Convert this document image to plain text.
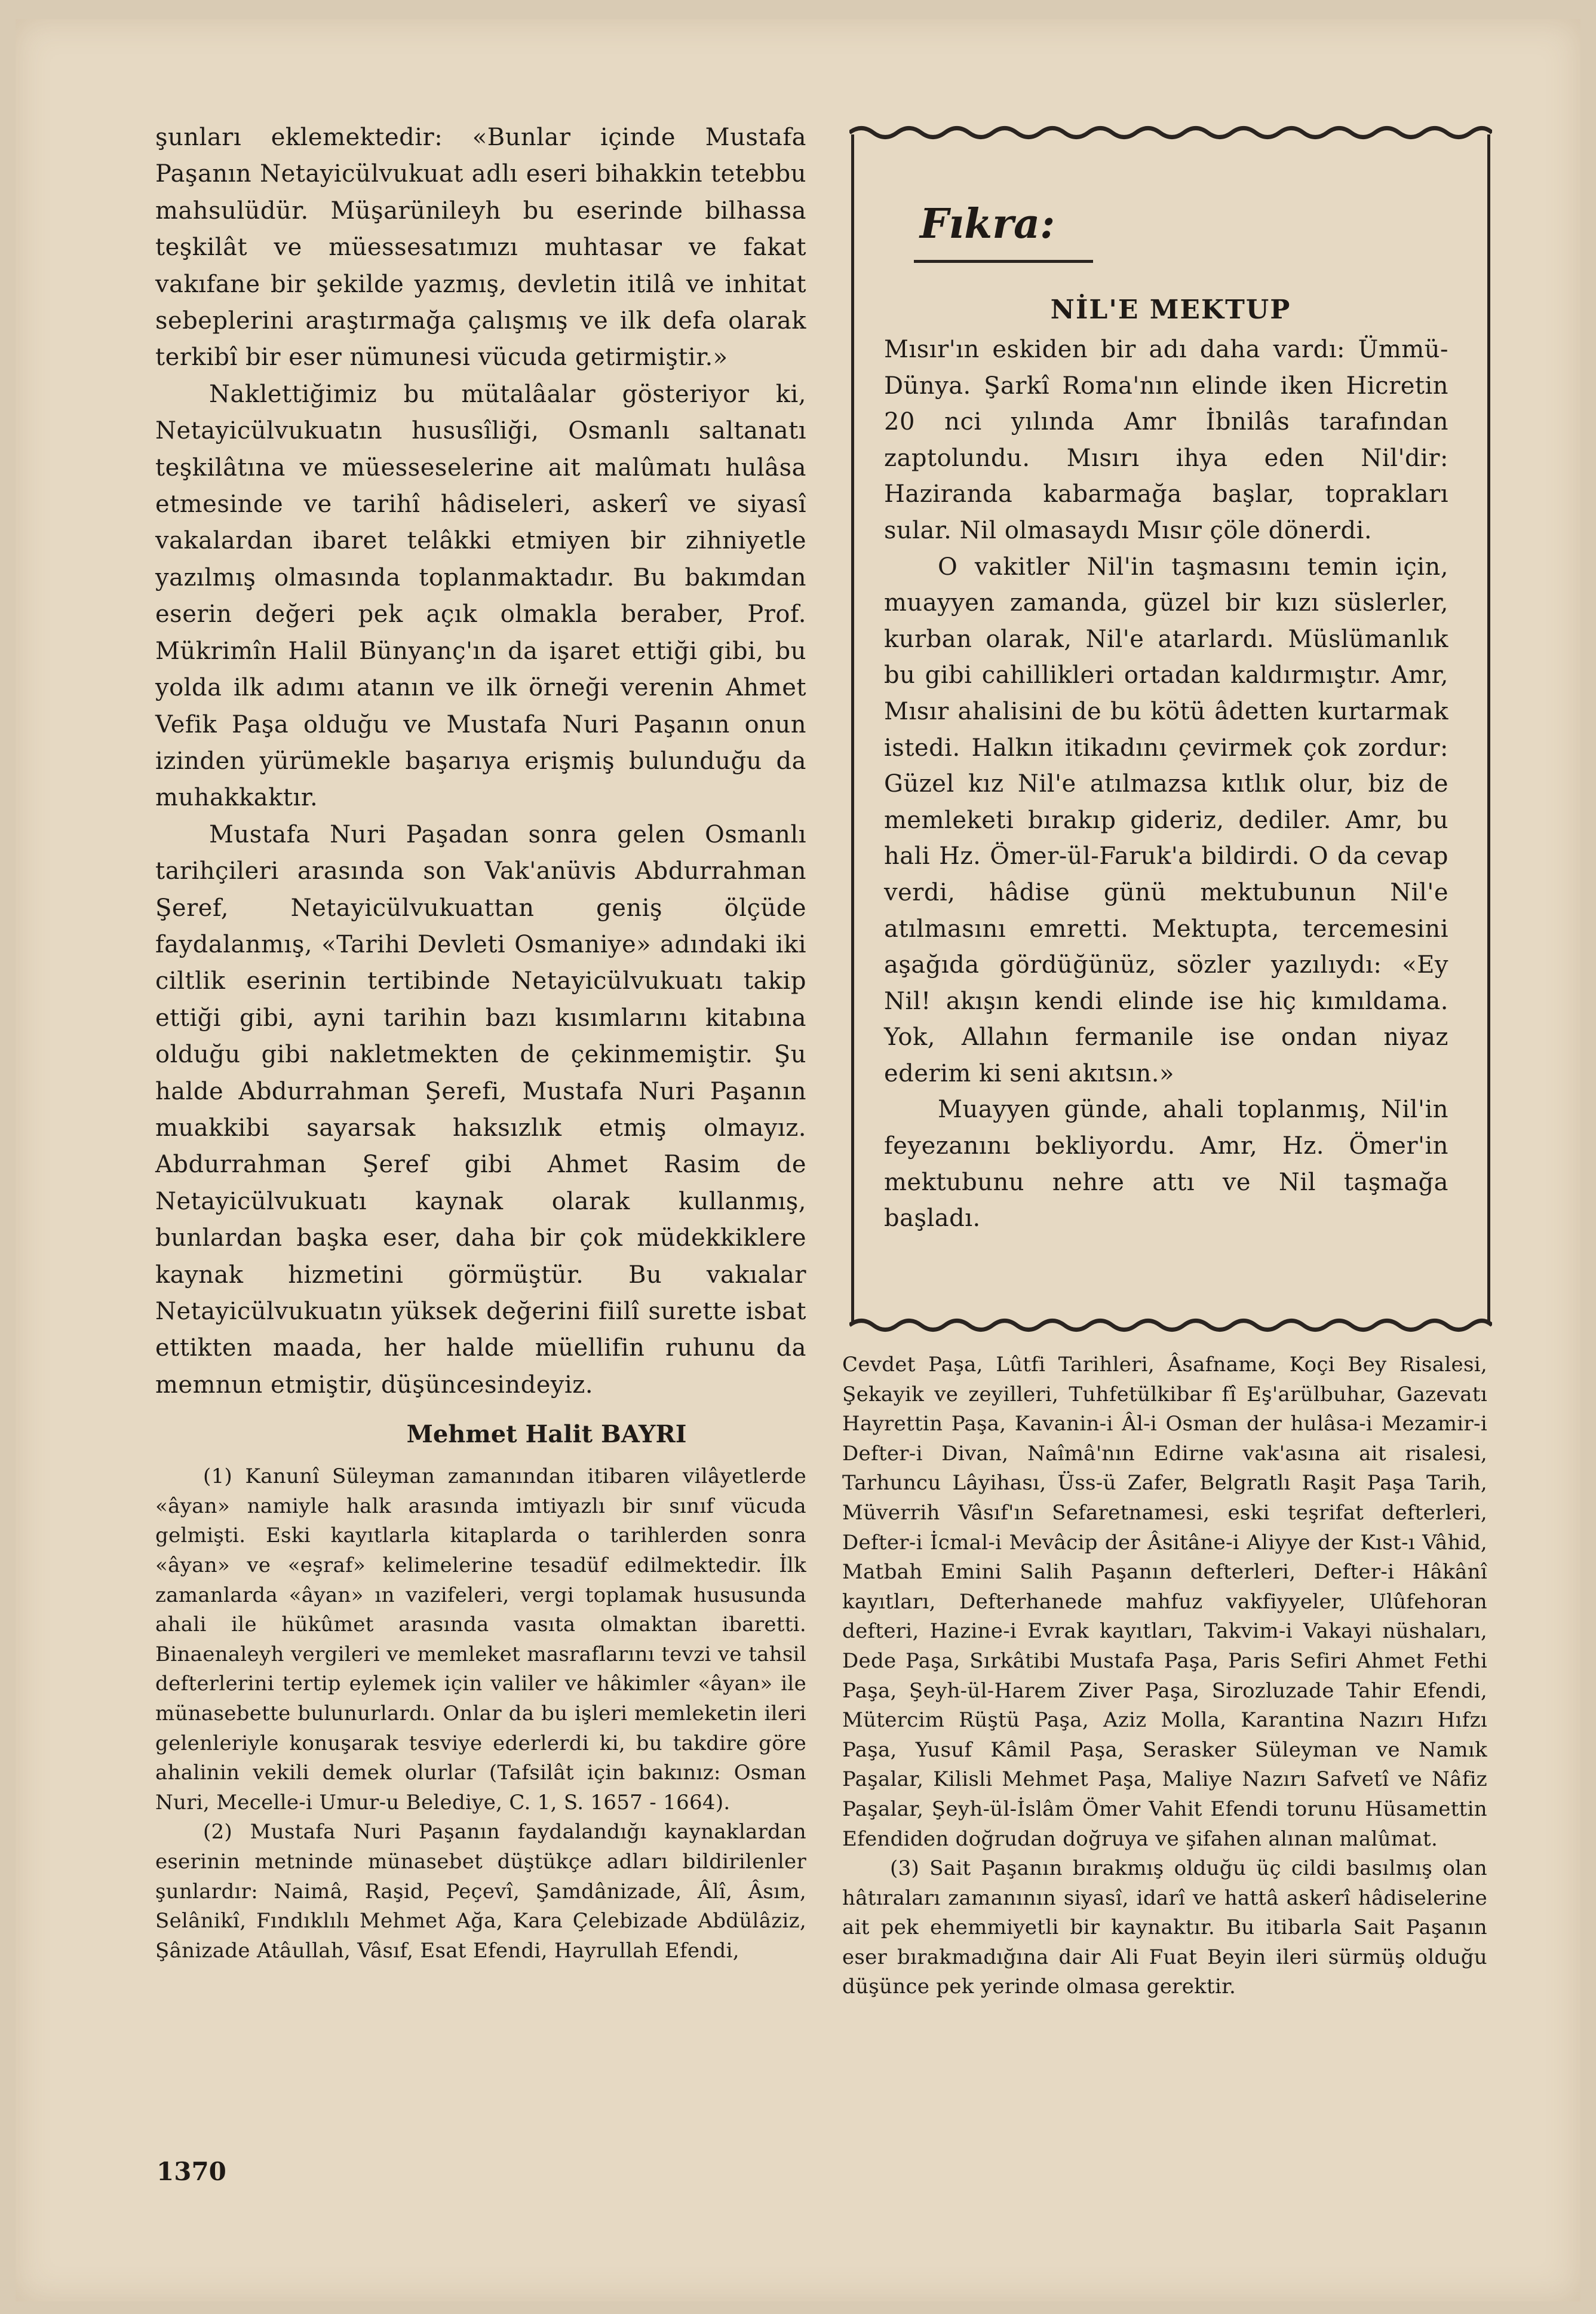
şunları eklemektedir: «Bunlar içinde Mustafa Paşanın Netayicülvukuat adlı eseri bihakkin tetebbu mahsulüdür. Müşarünileyh bu eserinde bilhassa teşkilât ve müessesatımızı muhtasar ve fakat vakıfane bir şekilde yazmış, devletin itilâ ve inhitat sebeplerini araştırmağa çalışmış ve ilk defa olarak terkibî bir eser nümunesi vücuda getirmiştir.»

Naklettiğimiz bu mütalâalar gösteriyor ki, Netayicülvukuatın hususîliği, Osmanlı saltanatı teşkilâtına ve müesseselerine ait malûmatı hulâsa etmesinde ve tarihî hâdiseleri, askerî ve siyasî vakalardan ibaret telâkki etmiyen bir zihniyetle yazılmış olmasında toplanmaktadır. Bu bakımdan eserin değeri pek açık olmakla beraber, Prof. Mükrimîn Halil Bünyanç'ın da işaret ettiği gibi, bu yolda ilk adımı atanın ve ilk örneği verenin Ahmet Vefik Paşa olduğu ve Mustafa Nuri Paşanın onun izinden yürümekle başarıya erişmiş bulunduğu da muhakkaktır.

Mustafa Nuri Paşadan sonra gelen Osmanlı tarihçileri arasında son Vak'anüvis Abdurrahman Şeref, Netayicülvukuattan geniş ölçüde faydalanmış, «Tarihi Devleti Osmaniye» adındaki iki ciltlik eserinin tertibinde Netayicülvukuatı takip ettiği gibi, ayni tarihin bazı kısımlarını kitabına olduğu gibi nakletmekten de çekinmemiştir. Şu halde Abdurrahman Şerefi, Mustafa Nuri Paşanın muakkibi sayarsak haksızlık etmiş olmayız. Abdurrahman Şeref gibi Ahmet Rasim de Netayicülvukuatı kaynak olarak kullanmış, bunlardan başka eser, daha bir çok müdekkiklere kaynak hizmetini görmüştür. Bu vakıalar Netayicülvukuatın yüksek değerini fiilî surette isbat ettikten maada, her halde müellifin ruhunu da memnun etmiştir, düşüncesindeyiz.

Mehmet Halit BAYRI

(1) Kanunî Süleyman zamanından itibaren vilâyetlerde «âyan» namiyle halk arasında imtiyazlı bir sınıf vücuda gelmişti. Eski kayıtlarla kitaplarda o tarihlerden sonra «âyan» ve «eşraf» kelimelerine tesadüf edilmektedir. İlk zamanlarda «âyan» ın vazifeleri, vergi toplamak hususunda ahali ile hükûmet arasında vasıta olmaktan ibaretti. Binaenaleyh vergileri ve memleket masraflarını tevzi ve tahsil defterlerini tertip eylemek için valiler ve hâkimler «âyan» ile münasebette bulunurlardı. Onlar da bu işleri memleketin ileri gelenleriyle konuşarak tesviye ederlerdi ki, bu takdire göre ahalinin vekili demek olurlar (Tafsilât için bakınız: Osman Nuri, Mecelle-i Umur-u Belediye, C. 1, S. 1657 - 1664).

(2) Mustafa Nuri Paşanın faydalandığı kaynaklardan eserinin metninde münasebet düştükçe adları bildirilenler şunlardır: Naimâ, Raşid, Peçevî, Şamdânizade, Âlî, Âsım, Selânikî, Fındıklılı Mehmet Ağa, Kara Çelebizade Abdülâziz, Şânizade Atâullah, Vâsıf, Esat Efendi, Hayrullah Efendi,

1370
Fıkra:
NİL'E MEKTUP

Mısır'ın eskiden bir adı daha vardı: Ümmü-Dünya. Şarkî Roma'nın elinde iken Hicretin 20 nci yılında Amr İbnilâs tarafından zaptolundu. Mısırı ihya eden Nil'dir: Haziranda kabarmağa başlar, toprakları sular. Nil olmasaydı Mısır çöle dönerdi.

O vakitler Nil'in taşmasını temin için, muayyen zamanda, güzel bir kızı süslerler, kurban olarak, Nil'e atarlardı. Müslümanlık bu gibi cahillikleri ortadan kaldırmıştır. Amr, Mısır ahalisini de bu kötü âdetten kurtarmak istedi. Halkın itikadını çevirmek çok zordur: Güzel kız Nil'e atılmazsa kıtlık olur, biz de memleketi bırakıp gideriz, dediler. Amr, bu hali Hz. Ömer-ül-Faruk'a bildirdi. O da cevap verdi, hâdise günü mektubunun Nil'e atılmasını emretti. Mektupta, tercemesini aşağıda gördüğünüz, sözler yazılıydı: «Ey Nil! akışın kendi elinde ise hiç kımıldama. Yok, Allahın fermanile ise ondan niyaz ederim ki seni akıtsın.»

Muayyen günde, ahali toplanmış, Nil'in feyezanını bekliyordu. Amr, Hz. Ömer'in mektubunu nehre attı ve Nil taşmağa başladı.

Cevdet Paşa, Lûtfi Tarihleri, Âsafname, Koçi Bey Risalesi, Şekayik ve zeyilleri, Tuhfetülkibar fî Eş'arülbuhar, Gazevatı Hayrettin Paşa, Kavanin-i Âl-i Osman der hulâsa-i Mezamir-i Defter-i Divan, Naîmâ'nın Edirne vak'asına ait risalesi, Tarhuncu Lâyihası, Üss-ü Zafer, Belgratlı Raşit Paşa Tarih, Müverrih Vâsıf'ın Sefaretnamesi, eski teşrifat defterleri, Defter-i İcmal-i Mevâcip der Âsitâne-i Aliyye der Kıst-ı Vâhid, Matbah Emini Salih Paşanın defterleri, Defter-i Hâkânî kayıtları, Defterhanede mahfuz vakfiyyeler, Ulûfehoran defteri, Hazine-i Evrak kayıtları, Takvim-i Vakayi nüshaları, Dede Paşa, Sırkâtibi Mustafa Paşa, Paris Sefiri Ahmet Fethi Paşa, Şeyh-ül-Harem Ziver Paşa, Sirozluzade Tahir Efendi, Mütercim Rüştü Paşa, Aziz Molla, Karantina Nazırı Hıfzı Paşa, Yusuf Kâmil Paşa, Serasker Süleyman ve Namık Paşalar, Kilisli Mehmet Paşa, Maliye Nazırı Safvetî ve Nâfiz Paşalar, Şeyh-ül-İslâm Ömer Vahit Efendi torunu Hüsamettin Efendiden doğrudan doğruya ve şifahen alınan malûmat.

(3) Sait Paşanın bırakmış olduğu üç cildi basılmış olan hâtıraları zamanının siyasî, idarî ve hattâ askerî hâdiselerine ait pek ehemmiyetli bir kaynaktır. Bu itibarla Sait Paşanın eser bırakmadığına dair Ali Fuat Beyin ileri sürmüş olduğu düşünce pek yerinde olmasa gerektir.
